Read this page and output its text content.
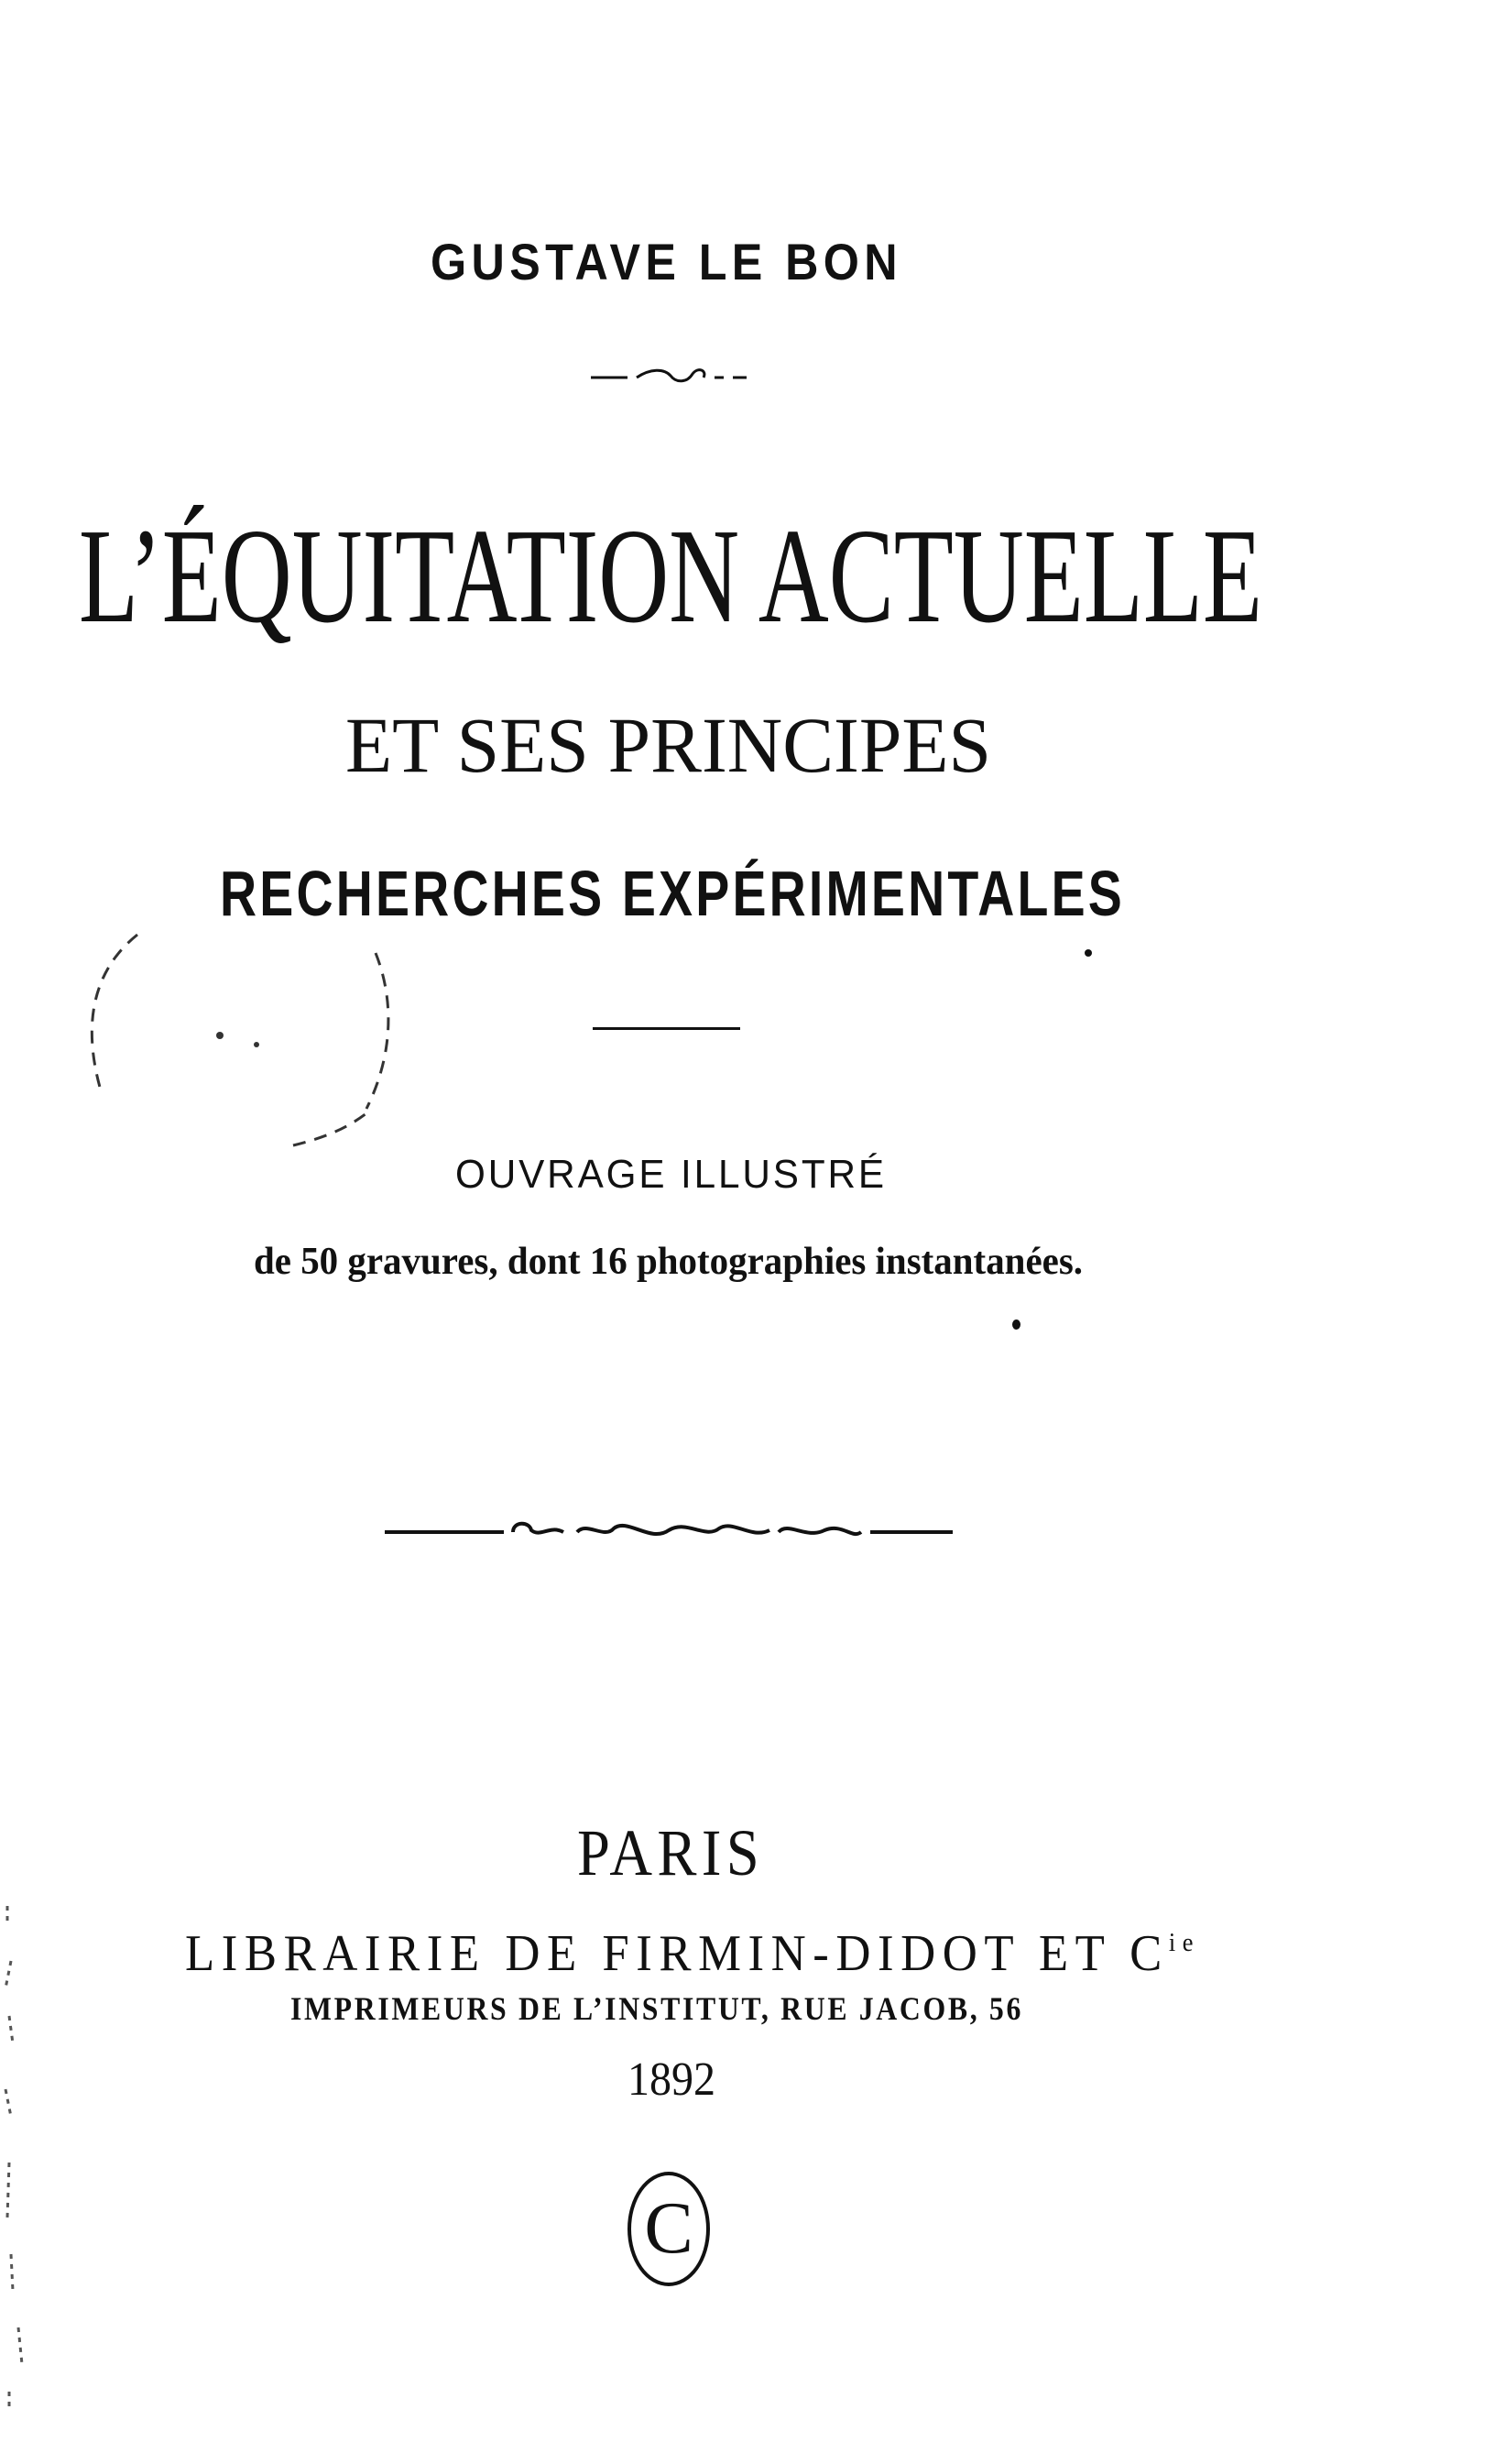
GUSTAVE LE BON
L’ÉQUITATION ACTUELLE
ET SES PRINCIPES
RECHERCHES EXPÉRIMENTALES
OUVRAGE ILLUSTRÉ
de 50 gravures, dont 16 photographies instantanées.
PARIS
LIBRAIRIE DE FIRMIN-DIDOT ET $C^{ie}$
IMPRIMEURS DE L’INSTITUT, RUE JACOB, 56
1892
C
